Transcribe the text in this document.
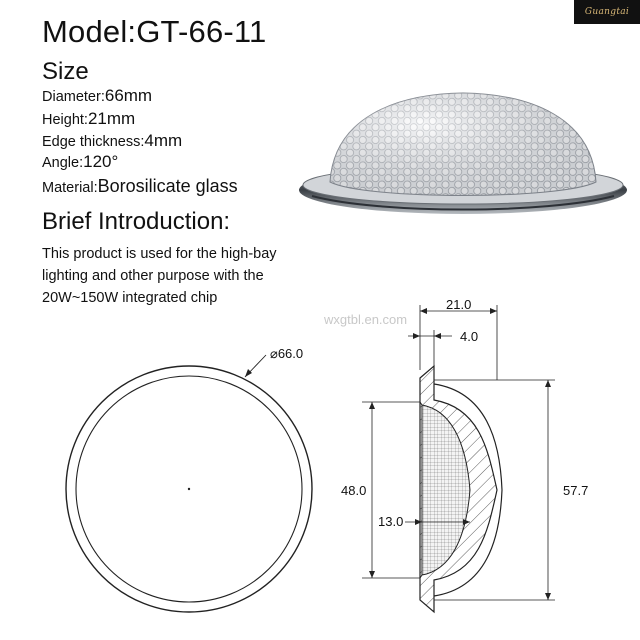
Guangtai
Model:GT-66-11
Size
Diameter:66mm
Height:21mm
Edge thickness:4mm
Angle:120°
Material:Borosilicate glass
Brief Introduction:
This product is used for the high-bay
lighting and other purpose with the
20W~150W integrated chip
wxgtbl.en.com
⌀66.0
21.0
4.0
48.0	57.7
13.0
